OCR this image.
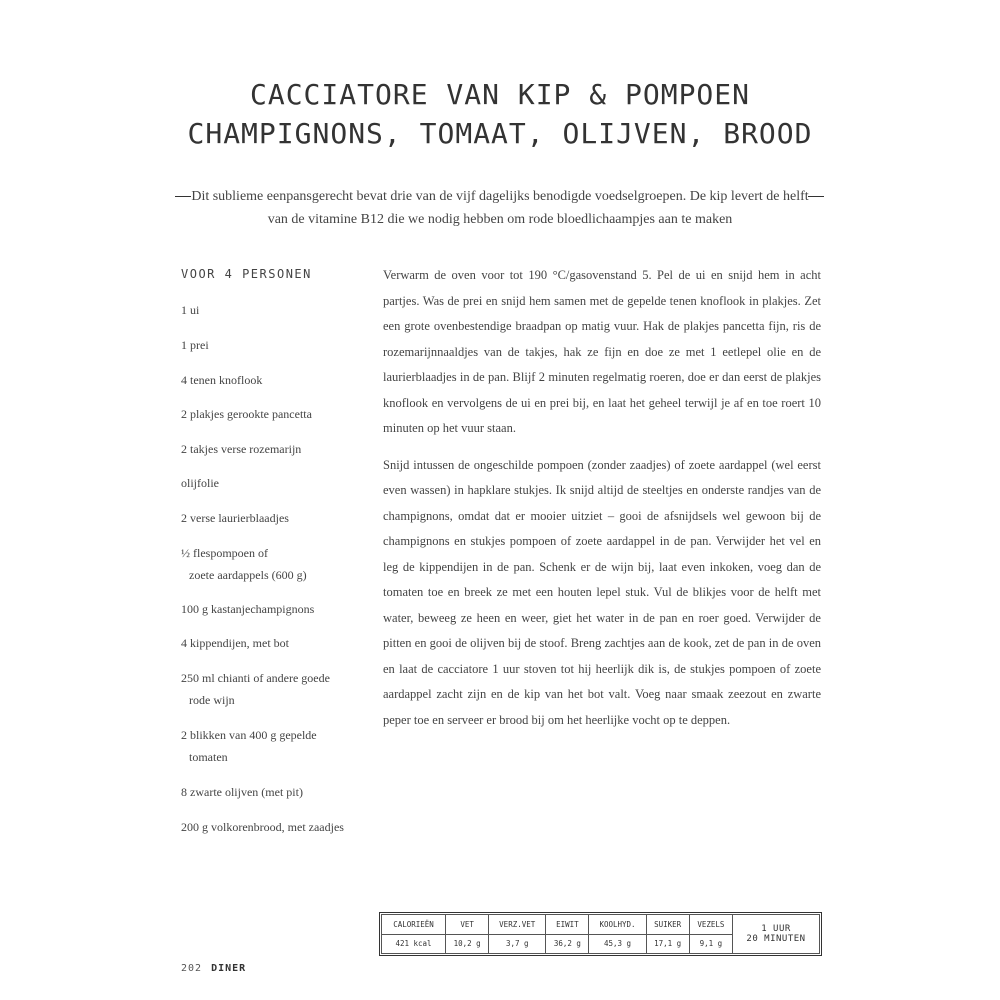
CACCIATORE VAN KIP & POMPOEN
CHAMPIGNONS, TOMAAT, OLIJVEN, BROOD

Dit sublieme eenpansgerecht bevat drie van de vijf dagelijks benodigde voedselgroepen. De kip levert de helft van de vitamine B12 die we nodig hebben om rode bloedlichaampjes aan te maken

VOOR 4 PERSONEN
1 ui
1 prei
4 tenen knoflook
2 plakjes gerookte pancetta
2 takjes verse rozemarijn
olijfolie
2 verse laurierblaadjes
½ flespompoen of
zoete aardappels (600 g)
100 g kastanjechampignons
4 kippendijen, met bot
250 ml chianti of andere goede
rode wijn
2 blikken van 400 g gepelde
tomaten
8 zwarte olijven (met pit)
200 g volkorenbrood, met zaadjes

Verwarm de oven voor tot 190 °C/gasovenstand 5. Pel de ui en snijd hem in acht partjes. Was de prei en snijd hem samen met de gepelde tenen knoflook in plakjes. Zet een grote ovenbestendige braadpan op matig vuur. Hak de plakjes pancetta fijn, ris de rozemarijnnaaldjes van de takjes, hak ze fijn en doe ze met 1 eetlepel olie en de laurierblaadjes in de pan. Blijf 2 minuten regelmatig roeren, doe er dan eerst de plakjes knoflook en vervolgens de ui en prei bij, en laat het geheel terwijl je af en toe roert 10 minuten op het vuur staan.

Snijd intussen de ongeschilde pompoen (zonder zaadjes) of zoete aardappel (wel eerst even wassen) in hapklare stukjes. Ik snijd altijd de steeltjes en onderste randjes van de champignons, omdat dat er mooier uitziet – gooi de afsnijdsels wel gewoon bij de champignons en stukjes pompoen of zoete aardappel in de pan. Verwijder het vel en leg de kippendijen in de pan. Schenk er de wijn bij, laat even inkoken, voeg dan de tomaten toe en breek ze met een houten lepel stuk. Vul de blikjes voor de helft met water, beweeg ze heen en weer, giet het water in de pan en roer goed. Verwijder de pitten en gooi de olijven bij de stoof. Breng zachtjes aan de kook, zet de pan in de oven en laat de cacciatore 1 uur stoven tot hij heerlijk dik is, de stukjes pompoen of zoete aardappel zacht zijn en de kip van het bot valt. Voeg naar smaak zeezout en zwarte peper toe en serveer er brood bij om het heerlijke vocht op te deppen.

CALORIEËN	VET	VERZ.VET	EIWIT	KOOLHYD.	SUIKER	VEZELS	1 UUR
20 MINUTEN
421 kcal	10,2 g	3,7 g	36,2 g	45,3 g	17,1 g	9,1 g	
202 DINER
